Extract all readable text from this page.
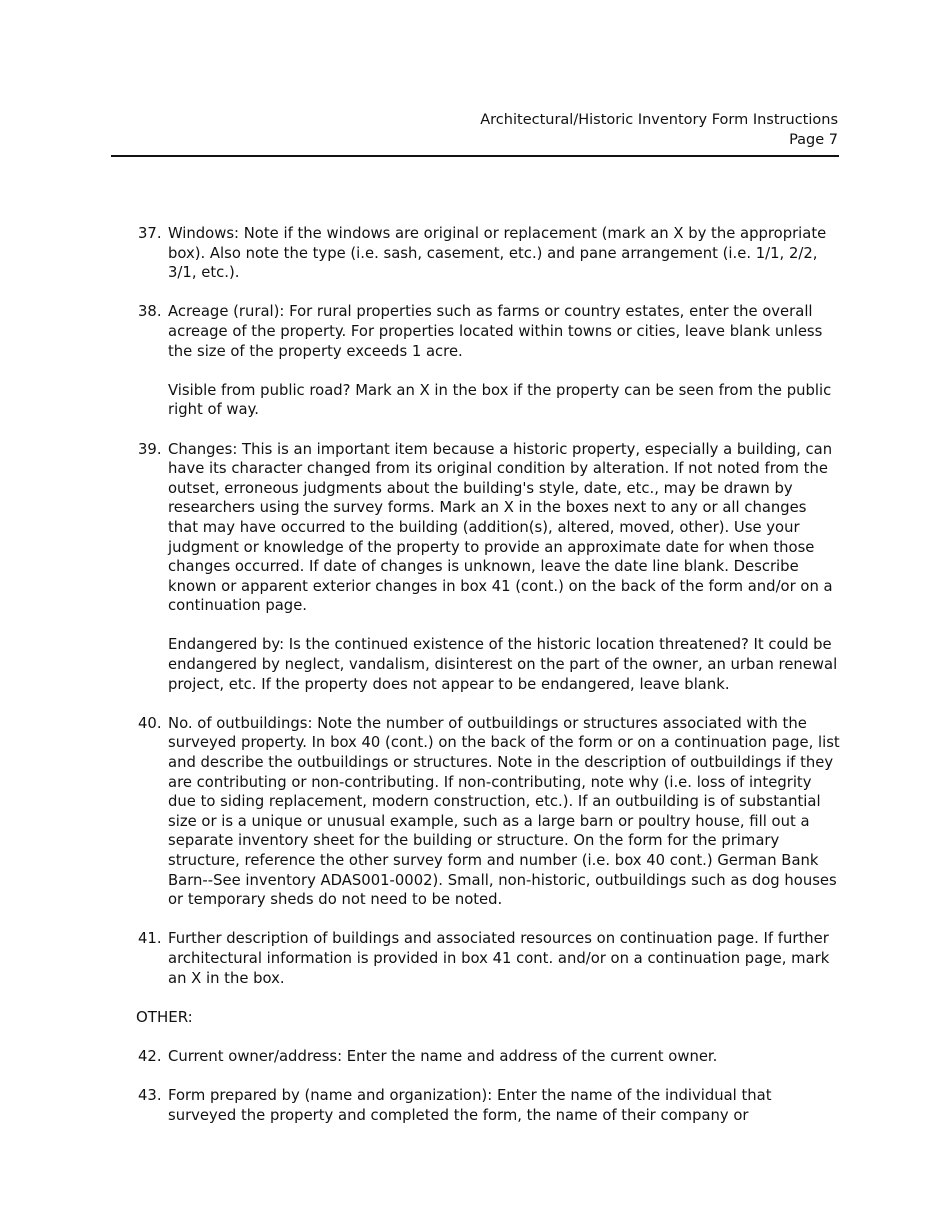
Architectural/Historic Inventory Form Instructions
Page 7
37. Windows: Note if the windows are original or replacement (mark an X by the appropriate box). Also note the type (i.e. sash, casement, etc.) and pane arrangement (i.e. 1/1, 2/2, 3/1, etc.).

38. Acreage (rural): For rural properties such as farms or country estates, enter the overall acreage of the property. For properties located within towns or cities, leave blank unless the size of the property exceeds 1 acre.

Visible from public road? Mark an X in the box if the property can be seen from the public right of way.

39. Changes: This is an important item because a historic property, especially a building, can have its character changed from its original condition by alteration. If not noted from the outset, erroneous judgments about the building's style, date, etc., may be drawn by researchers using the survey forms. Mark an X in the boxes next to any or all changes that may have occurred to the building (addition(s), altered, moved, other). Use your judgment or knowledge of the property to provide an approximate date for when those changes occurred. If date of changes is unknown, leave the date line blank. Describe known or apparent exterior changes in box 41 (cont.) on the back of the form and/or on a continuation page.

Endangered by: Is the continued existence of the historic location threatened? It could be endangered by neglect, vandalism, disinterest on the part of the owner, an urban renewal project, etc. If the property does not appear to be endangered, leave blank.

40. No. of outbuildings: Note the number of outbuildings or structures associated with the surveyed property. In box 40 (cont.) on the back of the form or on a continuation page, list and describe the outbuildings or structures. Note in the description of outbuildings if they are contributing or non-contributing. If non-contributing, note why (i.e. loss of integrity due to siding replacement, modern construction, etc.). If an outbuilding is of substantial size or is a unique or unusual example, such as a large barn or poultry house, fill out a separate inventory sheet for the building or structure. On the form for the primary structure, reference the other survey form and number (i.e. box 40 cont.) German Bank Barn--See inventory ADAS001-0002). Small, non-historic, outbuildings such as dog houses or temporary sheds do not need to be noted.

41. Further description of buildings and associated resources on continuation page. If further architectural information is provided in box 41 cont. and/or on a continuation page, mark an X in the box.

OTHER:
42. Current owner/address: Enter the name and address of the current owner.

43. Form prepared by (name and organization): Enter the name of the individual that surveyed the property and completed the form, the name of their company or
